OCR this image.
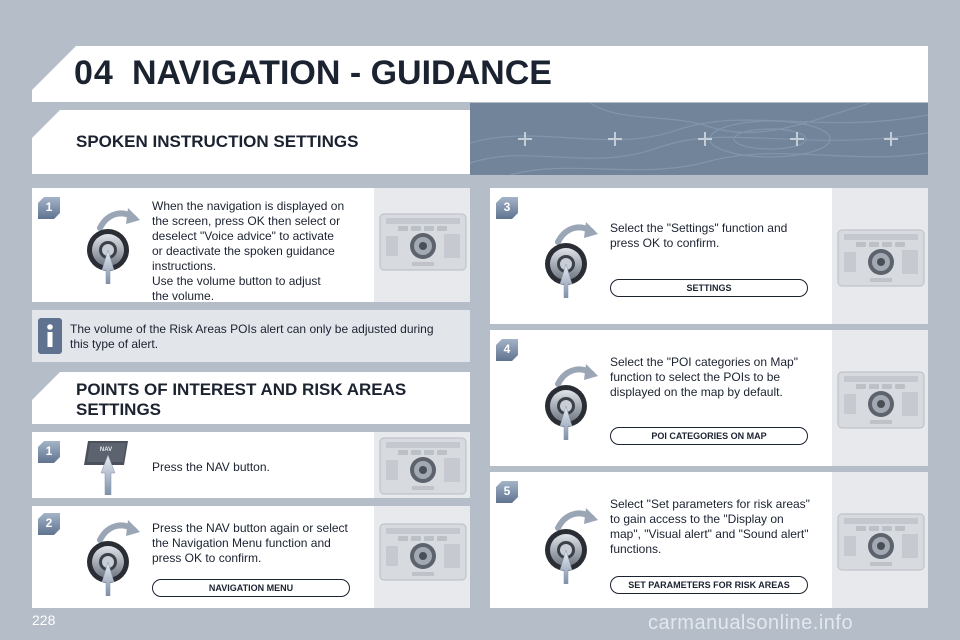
04 NAVIGATION - GUIDANCE
SPOKEN INSTRUCTION SETTINGS
1	When the navigation is displayed on
the screen, press OK then select or
deselect "Voice advice" to activate
or deactivate the spoken guidance
instructions.
Use the volume button to adjust
the volume.
The volume of the Risk Areas POIs alert can only be adjusted during
this type of alert.
POINTS OF INTEREST AND RISK AREAS
SETTINGS
1	NAV
Press the NAV button.
2	Press the NAV button again or select
the Navigation Menu function and
press OK to confirm.
NAVIGATION MENU
3
Select the "Settings" function and
press OK to confirm.
SETTINGS
4
Select the "POI categories on Map"
function to select the POIs to be
displayed on the map by default.
POI CATEGORIES ON MAP
5
Select "Set parameters for risk areas"
to gain access to the "Display on
map", "Visual alert" and "Sound alert"
functions.
SET PARAMETERS FOR RISK AREAS
228	carmanualsonline.info
